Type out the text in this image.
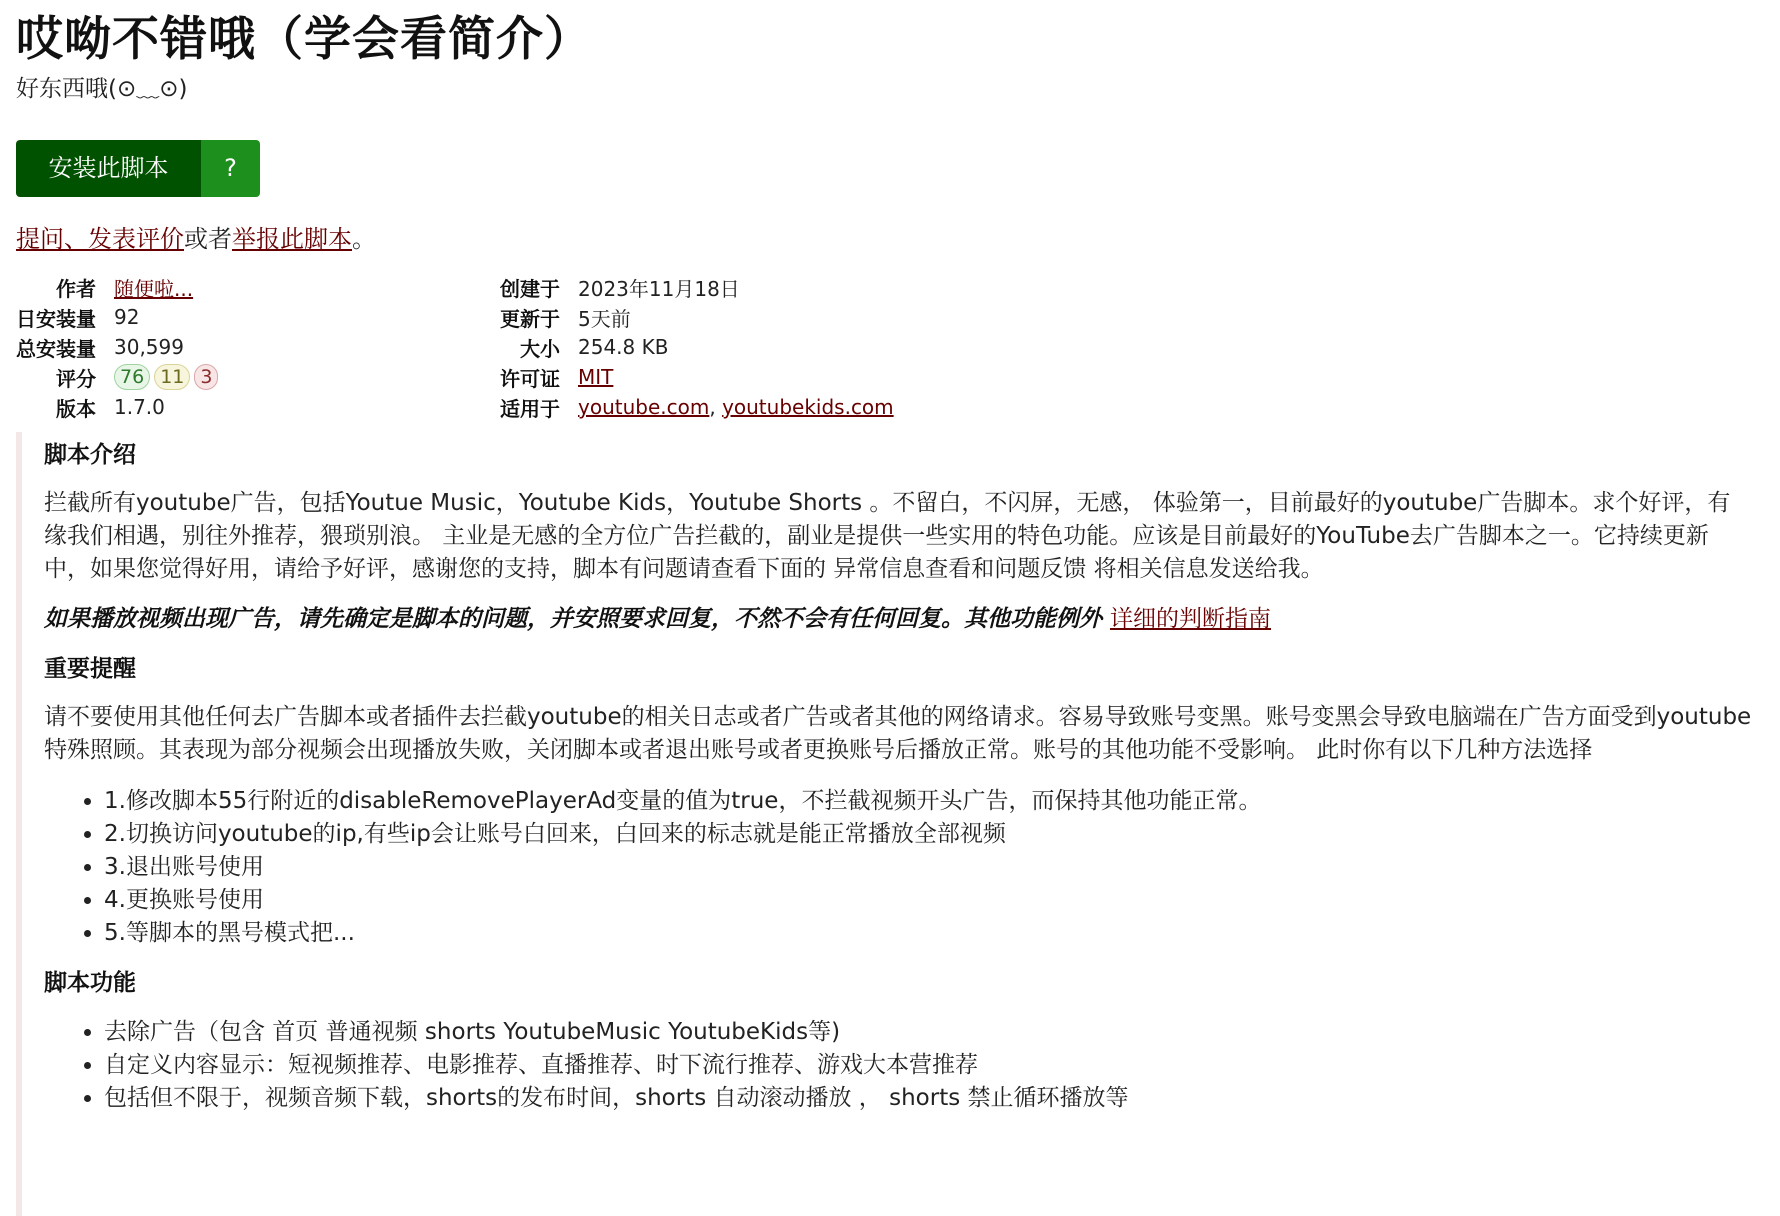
哎呦不错哦（学会看简介）

好东西哦(⊙﹏⊙)

安装此脚本	?
提问、发表评价或者举报此脚本。
作者 随便啦...
日安装量 92
总安装量 30,599
评分	76 11 3
版本 1.7.0
创建于 2023年11月18日
更新于 5天前
大小 254.8 KB
许可证 MIT
适用于 youtube.com, youtubekids.com

脚本介绍

拦截所有youtube广告，包括Youtue Music，Youtube Kids，Youtube Shorts 。不留白，不闪屏，无感， 体验第一，目前最好的youtube广告脚本。求个好评，有缘我们相遇，别往外推荐，猥琐别浪。 主业是无感的全方位广告拦截的，副业是提供一些实用的特色功能。应该是目前最好的YouTube去广告脚本之一。它持续更新中，如果您觉得好用，请给予好评，感谢您的支持，脚本有问题请查看下面的 异常信息查看和问题反馈 将相关信息发送给我。

如果播放视频出现广告，请先确定是脚本的问题，并安照要求回复，不然不会有任何回复。其他功能例外 详细的判断指南

重要提醒

请不要使用其他任何去广告脚本或者插件去拦截youtube的相关日志或者广告或者其他的网络请求。容易导致账号变黑。账号变黑会导致电脑端在广告方面受到youtube特殊照顾。其表现为部分视频会出现播放失败，关闭脚本或者退出账号或者更换账号后播放正常。账号的其他功能不受影响。 此时你有以下几种方法选择

• 1.修改脚本55行附近的disableRemovePlayerAd变量的值为true，不拦截视频开头广告，而保持其他功能正常。
• 2.切换访问youtube的ip,有些ip会让账号白回来，白回来的标志就是能正常播放全部视频
• 3.退出账号使用
• 4.更换账号使用
• 5.等脚本的黑号模式把...

脚本功能

• 去除广告（包含 首页 普通视频 shorts YoutubeMusic YoutubeKids等)
• 自定义内容显示：短视频推荐、电影推荐、直播推荐、时下流行推荐、游戏大本营推荐
• 包括但不限于，视频音频下载，shorts的发布时间，shorts 自动滚动播放 ， shorts 禁止循环播放等
